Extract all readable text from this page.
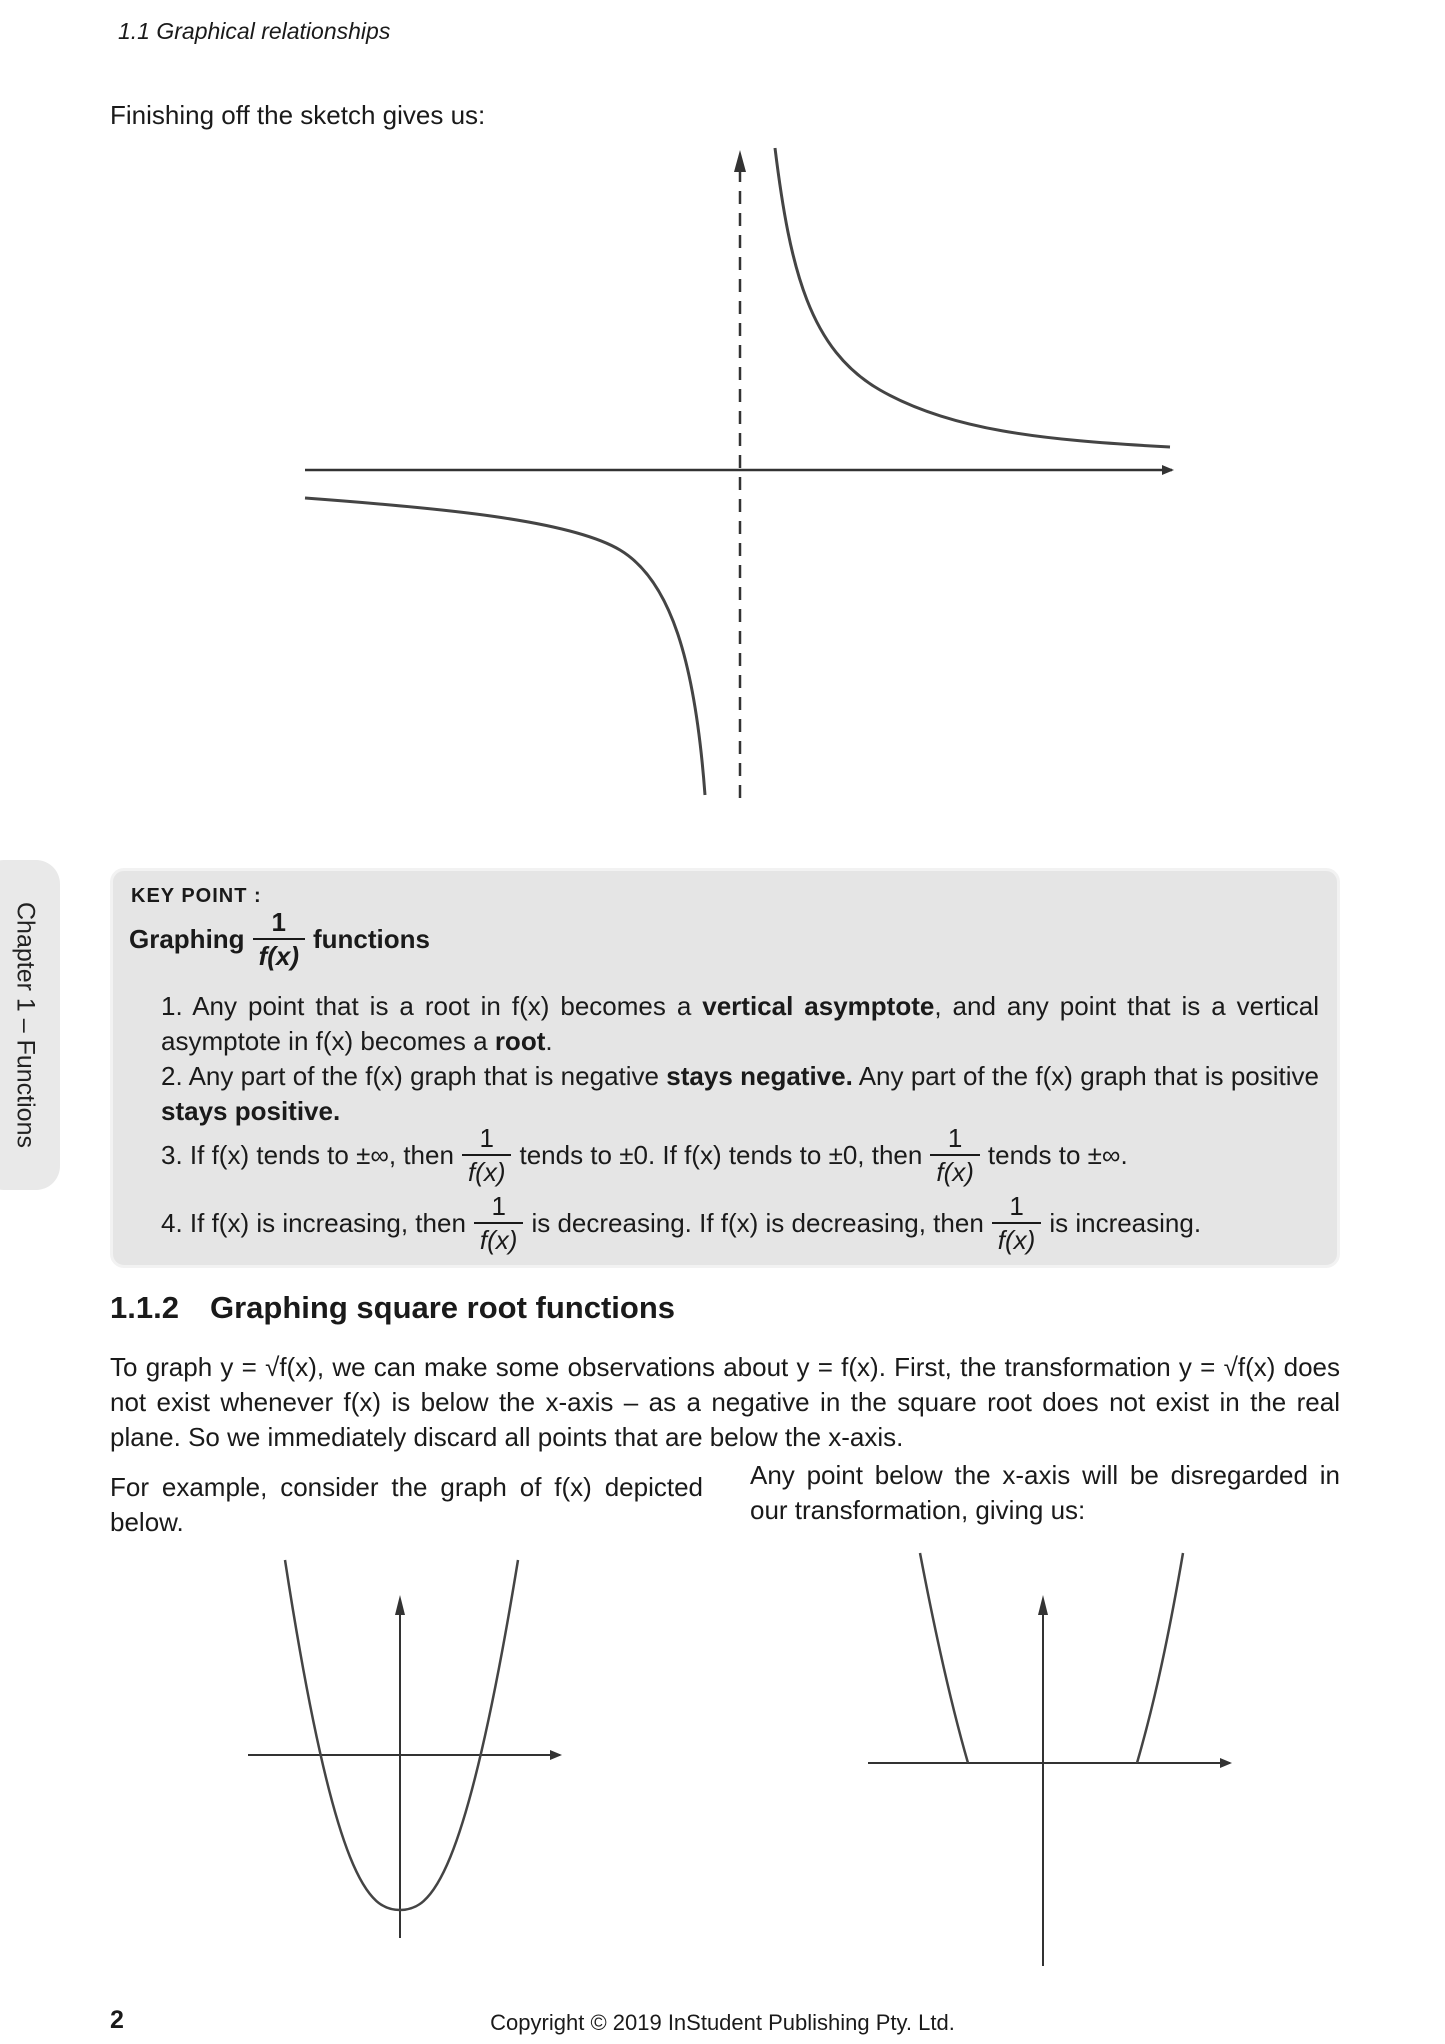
1.1 Graphical relationships
Finishing off the sketch gives us:
Chapter 1 – Functions
KEY POINT :
Graphing $\frac{1}{f(x)}$ functions
1. Any point that is a root in f(x) becomes a vertical asymptote, and any point that is a vertical asymptote in f(x) becomes a root.
2. Any part of the f(x) graph that is negative stays negative. Any part of the f(x) graph that is positive stays positive.
3. If f(x) tends to ±∞, then $\frac{1}{f(x)}$ tends to ±0. If f(x) tends to ±0, then $\frac{1}{f(x)}$ tends to ±∞.
4. If f(x) is increasing, then $\frac{1}{f(x)}$ is decreasing. If f(x) is decreasing, then $\frac{1}{f(x)}$ is increasing.
1.1.2 Graphing square root functions
To graph y = √f(x), we can make some observations about y = f(x). First, the transformation y = √f(x) does not exist whenever f(x) is below the x-axis – as a negative in the square root does not exist in the real plane. So we immediately discard all points that are below the x-axis.
For example, consider the graph of f(x) depicted below.
Any point below the x-axis will be disregarded in our transformation, giving us:
2	Copyright © 2019 InStudent Publishing Pty. Ltd.
